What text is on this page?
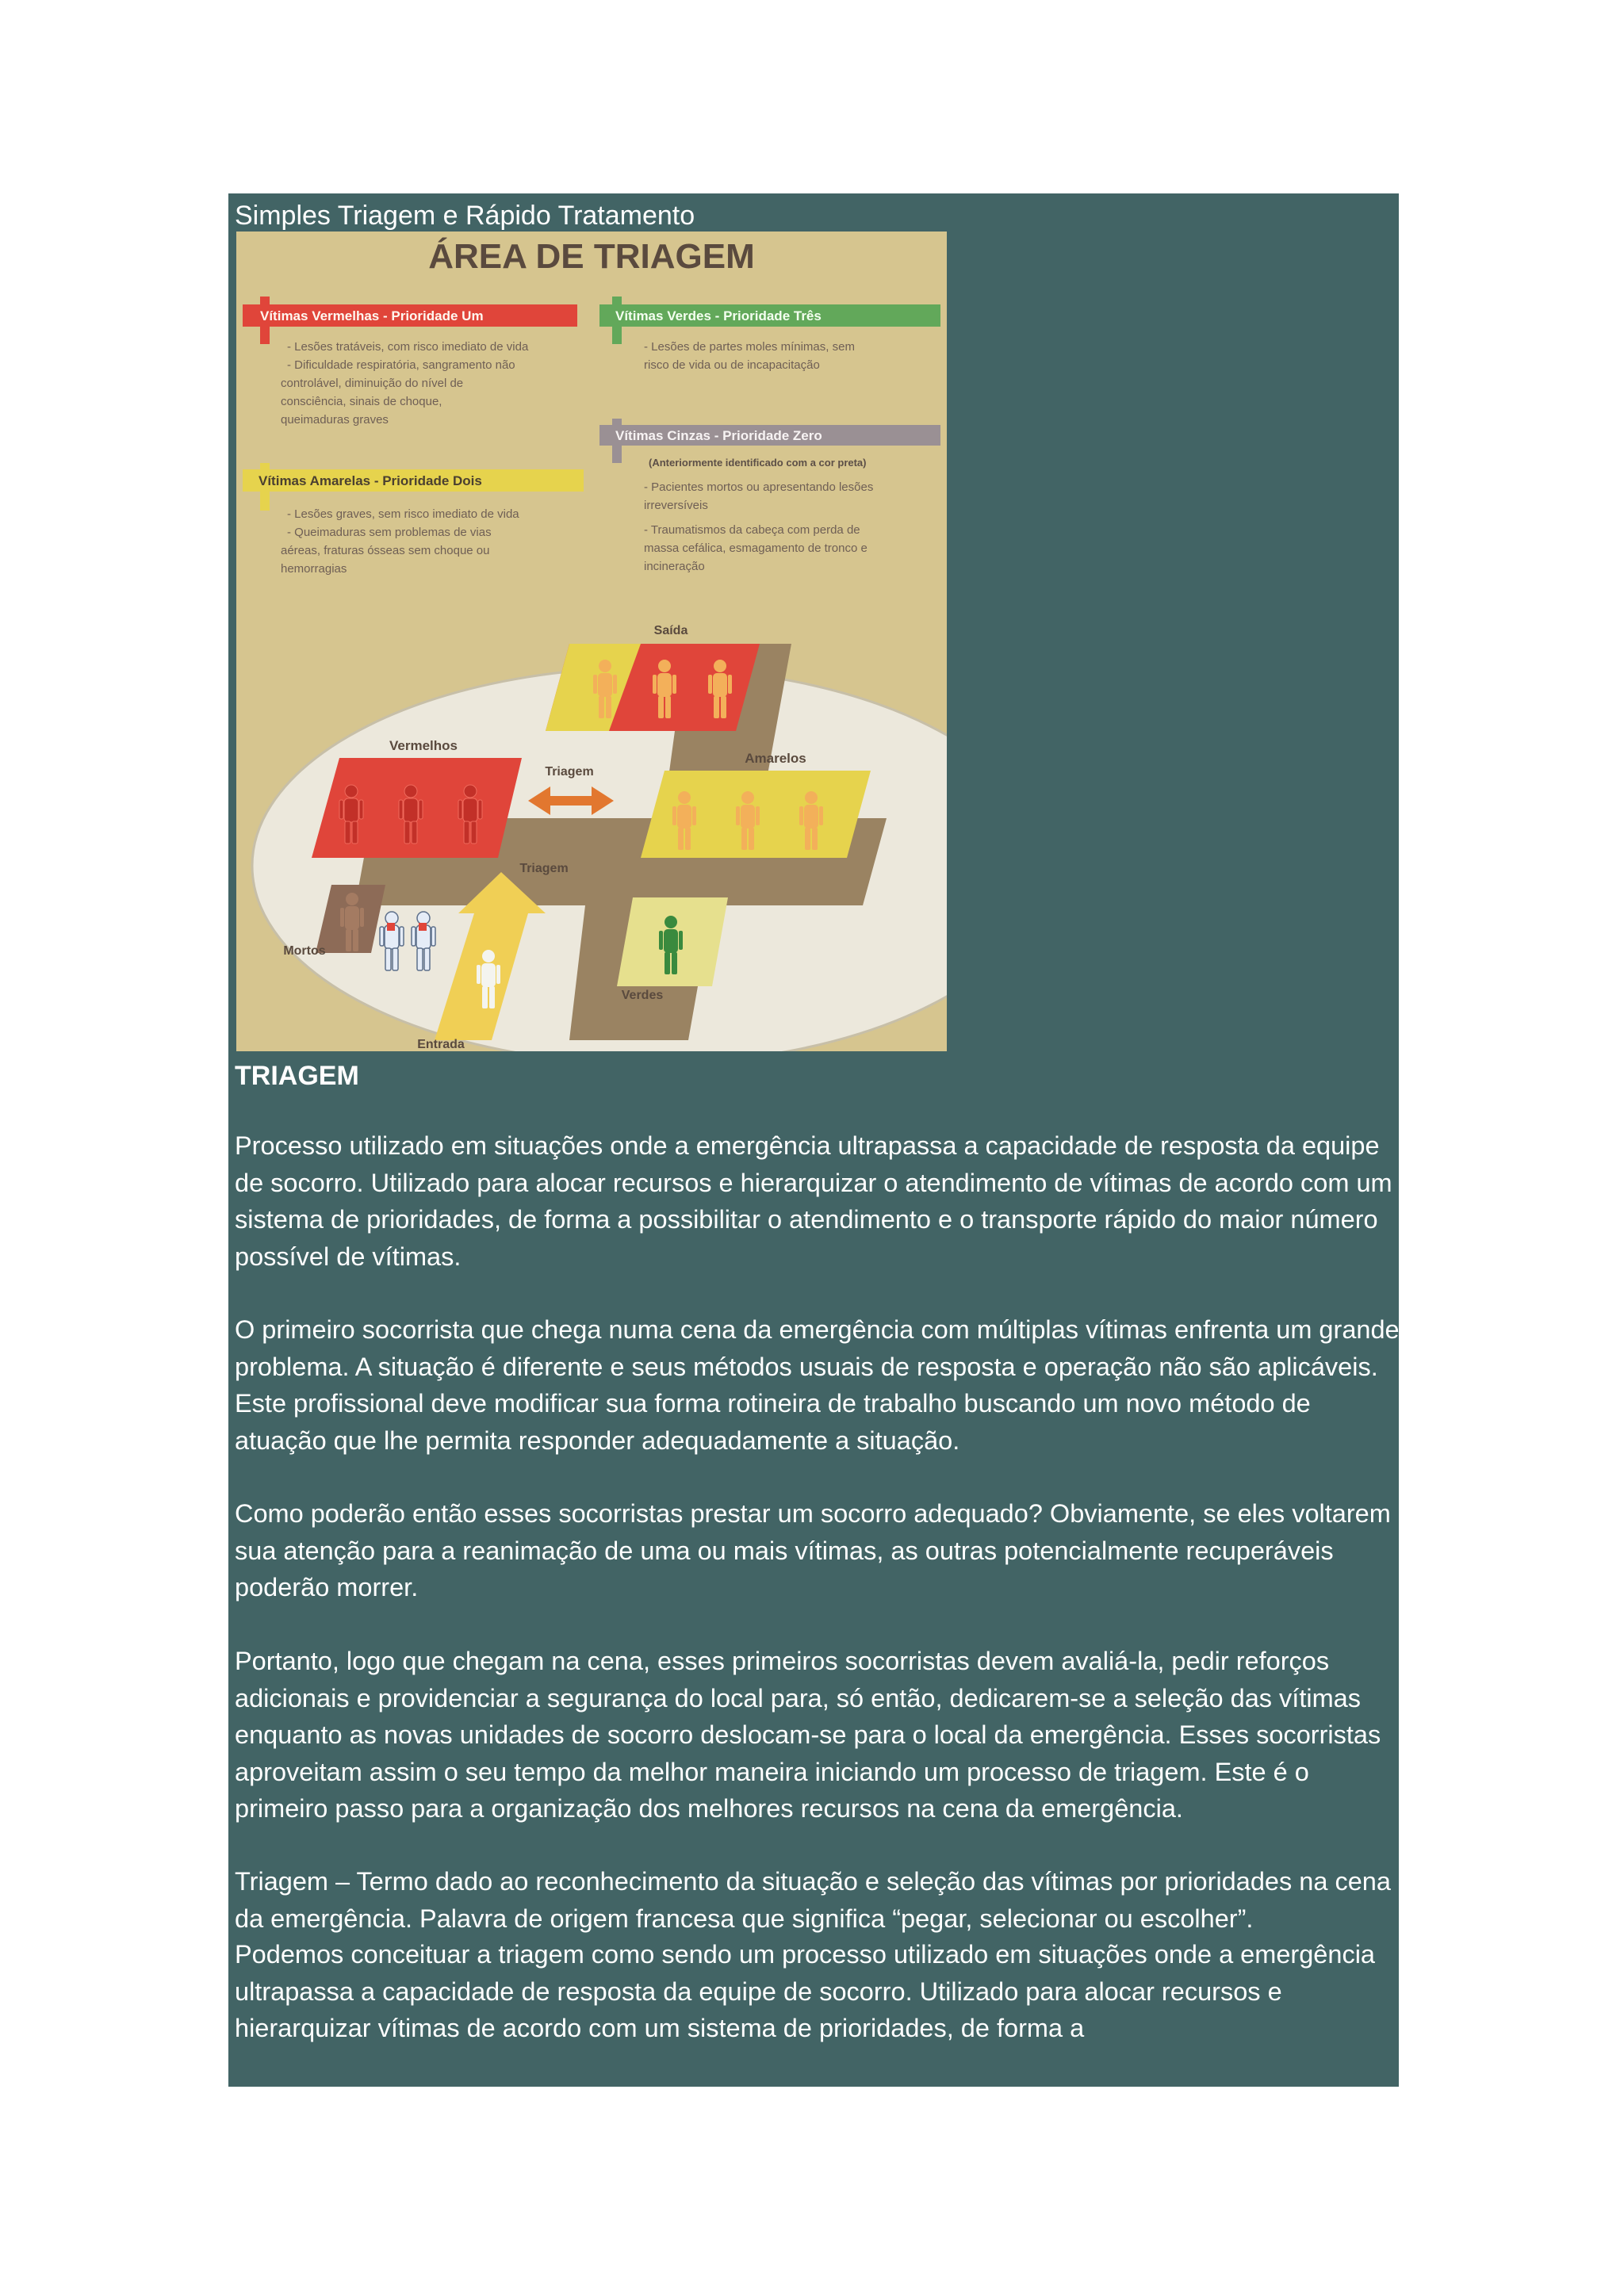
Simples Triagem e Rápido Tratamento
ÁREA DE TRIAGEM
Vítimas Vermelhas - Prioridade Um
- Lesões tratáveis, com risco imediato de vida - Dificuldade respiratória, sangramento não controlável, diminuição do nível de consciência, sinais de choque, queimaduras graves
Vítimas Verdes - Prioridade Três
- Lesões de partes moles mínimas, sem risco de vida ou de incapacitação
Vítimas Cinzas - Prioridade Zero
(Anteriormente identificado com a cor preta)
- Pacientes mortos ou apresentando lesões irreversíveis - Traumatismos da cabeça com perda de massa cefálica, esmagamento de tronco e incineração
Vítimas Amarelas - Prioridade Dois
- Lesões graves, sem risco imediato de vida - Queimaduras sem problemas de vias aéreas, fraturas ósseas sem choque ou hemorragias
Saída
Vermelhos
Amarelos
Triagem
Triagem
Verdes
Mortos
Entrada
TRIAGEM

Processo utilizado em situações onde a emergência ultrapassa a capacidade de resposta da equipe de socorro. Utilizado para alocar recursos e hierarquizar o atendimento de vítimas de acordo com um sistema de prioridades, de forma a possibilitar o atendimento e o transporte rápido do maior número possível de vítimas.

O primeiro socorrista que chega numa cena da emergência com múltiplas vítimas enfrenta um grande problema. A situação é diferente e seus métodos usuais de resposta e operação não são aplicáveis. Este profissional deve modificar sua forma rotineira de trabalho buscando um novo método de atuação que lhe permita responder adequadamente a situação.

Como poderão então esses socorristas prestar um socorro adequado? Obviamente, se eles voltarem sua atenção para a reanimação de uma ou mais vítimas, as outras potencialmente recuperáveis poderão morrer.

Portanto, logo que chegam na cena, esses primeiros socorristas devem avaliá-la, pedir reforços adicionais e providenciar a segurança do local para, só então, dedicarem-se a seleção das vítimas enquanto as novas unidades de socorro deslocam-se para o local da emergência. Esses socorristas aproveitam assim o seu tempo da melhor maneira iniciando um processo de triagem. Este é o primeiro passo para a organização dos melhores recursos na cena da emergência.

Triagem – Termo dado ao reconhecimento da situação e seleção das vítimas por prioridades na cena da emergência. Palavra de origem francesa que significa “pegar, selecionar ou escolher”.

Podemos conceituar a triagem como sendo um processo utilizado em situações onde a emergência ultrapassa a capacidade de resposta da equipe de socorro. Utilizado para alocar recursos e hierarquizar vítimas de acordo com um sistema de prioridades, de forma a
